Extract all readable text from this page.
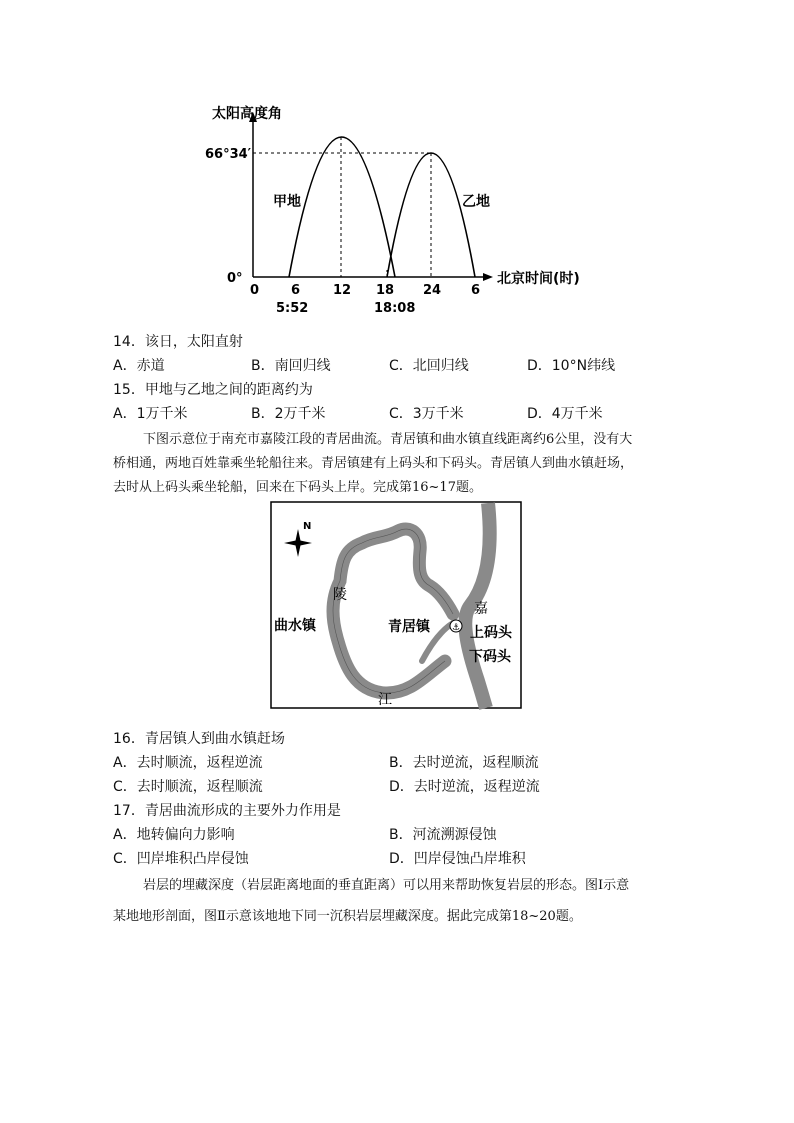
太阳高度角
北京时间(时)
66°34′
0°
0 6	12 18 24 6
5:52	18:08
甲地	乙地
14．该日，太阳直射
A．赤道	B．南回归线	C．北回归线	D．10°N纬线
15．甲地与乙地之间的距离约为
A．1万千米	B．2万千米	C．3万千米	D．4万千米
下图示意位于南充市嘉陵江段的青居曲流。青居镇和曲水镇直线距离约6公里，没有大
桥相通，两地百姓靠乘坐轮船往来。青居镇建有上码头和下码头。青居镇人到曲水镇赶场，
去时从上码头乘坐轮船，回来在下码头上岸。完成第16~17题。
⚓
N
陵
嘉
江
曲水镇	青居镇	上码头
下码头
16．青居镇人到曲水镇赶场
A．去时顺流，返程逆流	B．去时逆流，返程顺流
C．去时顺流，返程顺流	D．去时逆流，返程逆流
17．青居曲流形成的主要外力作用是
A．地转偏向力影响	B．河流溯源侵蚀
C．凹岸堆积凸岸侵蚀	D．凹岸侵蚀凸岸堆积
岩层的埋藏深度（岩层距离地面的垂直距离）可以用来帮助恢复岩层的形态。图Ⅰ示意
某地地形剖面，图Ⅱ示意该地地下同一沉积岩层埋藏深度。据此完成第18~20题。
